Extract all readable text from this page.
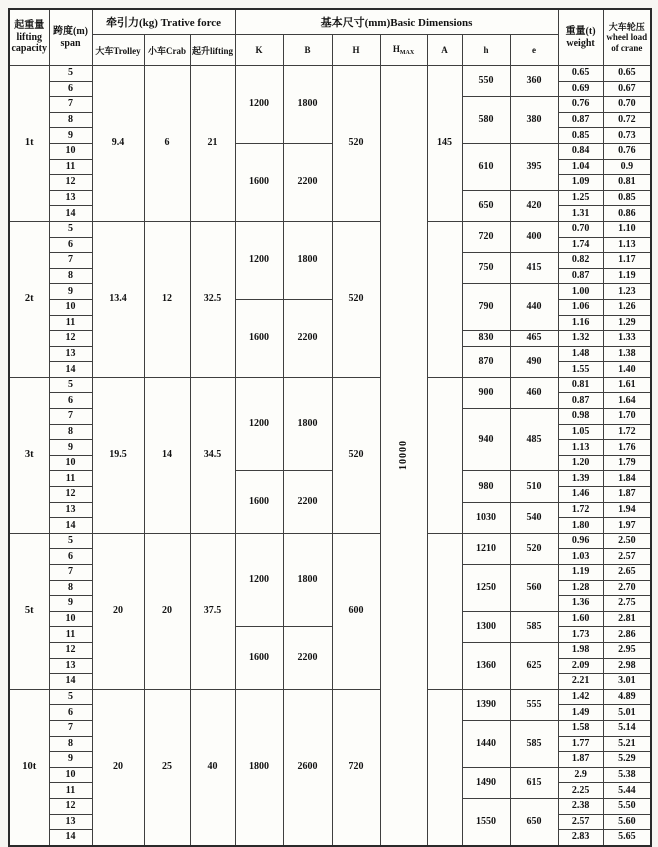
起重量
lifting
capacity

跨度(m)
span
	牵引力(kg) Trative force	基本尺寸(mm)Basic Dimensions	
重量(t)
weight

大车轮压
wheel load
of crane

		大车Trolley	小车Crab	起升lifting	K	B	H	$H_{MAX}$	A	h	e		
1t	5	9.4	6	21	1200	1800	520	10000	145	550	360	0.65	0.65
	6											0.69	0.67
	7									580	380	0.76	0.70
	8											0.87	0.72
	9											0.85	0.73
	10				1600	2200				610	395	0.84	0.76
	11											1.04	0.9
	12											1.09	0.81
	13									650	420	1.25	0.85
	14											1.31	0.86
2t	5	13.4	12	32.5	1200	1800	520			720	400	0.70	1.10
	6											1.74	1.13
	7									750	415	0.82	1.17
	8											0.87	1.19
	9									790	440	1.00	1.23
	10				1600	2200						1.06	1.26
	11											1.16	1.29
	12									830	465	1.32	1.33
	13									870	490	1.48	1.38
	14											1.55	1.40
3t	5	19.5	14	34.5	1200	1800	520			900	460	0.81	1.61
	6											0.87	1.64
	7									940	485	0.98	1.70
	8											1.05	1.72
	9											1.13	1.76
	10											1.20	1.79
	11				1600	2200				980	510	1.39	1.84
	12											1.46	1.87
	13									1030	540	1.72	1.94
	14											1.80	1.97
5t	5	20	20	37.5	1200	1800	600			1210	520	0.96	2.50
	6											1.03	2.57
	7									1250	560	1.19	2.65
	8											1.28	2.70
	9											1.36	2.75
	10									1300	585	1.60	2.81
	11				1600	2200						1.73	2.86
	12									1360	625	1.98	2.95
	13											2.09	2.98
	14											2.21	3.01
10t	5	20	25	40	1800	2600	720			1390	555	1.42	4.89
	6											1.49	5.01
	7									1440	585	1.58	5.14
	8											1.77	5.21
	9											1.87	5.29
	10									1490	615	2.9	5.38
	11											2.25	5.44
	12									1550	650	2.38	5.50
	13											2.57	5.60
	14											2.83	5.65
